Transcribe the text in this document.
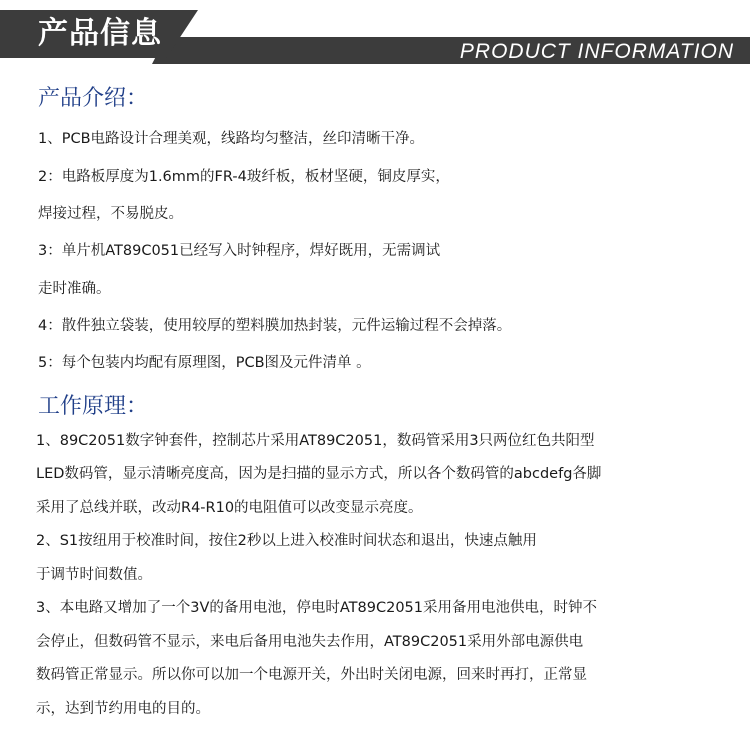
产品信息
PRODUCT INFORMATION
产品介绍：
1、PCB电路设计合理美观，线路均匀整洁，丝印清晰干净。
2：电路板厚度为1.6mm的FR-4玻纤板，板材坚硬，铜皮厚实，
焊接过程，不易脱皮。
3：单片机AT89C051已经写入时钟程序，焊好既用，无需调试
走时准确。
4：散件独立袋装，使用较厚的塑料膜加热封装，元件运输过程不会掉落。
5：每个包装内均配有原理图，PCB图及元件清单 。
工作原理：
1、89C2051数字钟套件，控制芯片采用AT89C2051，数码管采用3只两位红色共阳型
LED数码管，显示清晰亮度高，因为是扫描的显示方式，所以各个数码管的abcdefg各脚
采用了总线并联，改动R4-R10的电阻值可以改变显示亮度。
2、S1按纽用于校准时间，按住2秒以上进入校准时间状态和退出，快速点触用
于调节时间数值。
3、本电路又增加了一个3V的备用电池，停电时AT89C2051采用备用电池供电，时钟不
会停止，但数码管不显示，来电后备用电池失去作用，AT89C2051采用外部电源供电
数码管正常显示。所以你可以加一个电源开关，外出时关闭电源，回来时再打，正常显
示，达到节约用电的目的。
